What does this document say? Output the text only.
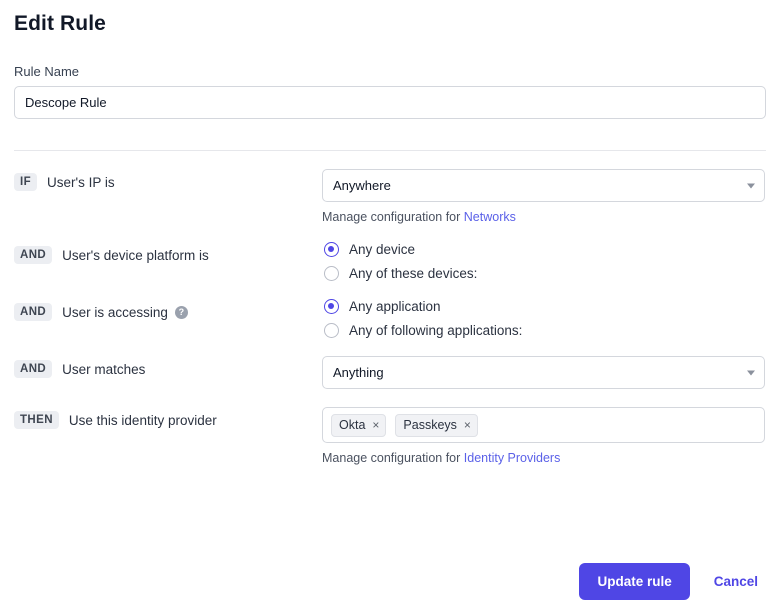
Edit Rule
Rule Name
Descope Rule
IF	User's IP is	Anywhere
Manage configuration for Networks
AND	User's device platform is	Any device
Any of these devices:
AND	User is accessing	?	Any application
Any of following applications:
AND	User matches	Anything
THEN	Use this identity provider	Okta × Passkeys ×
Manage configuration for Identity Providers
Update rule	Cancel
